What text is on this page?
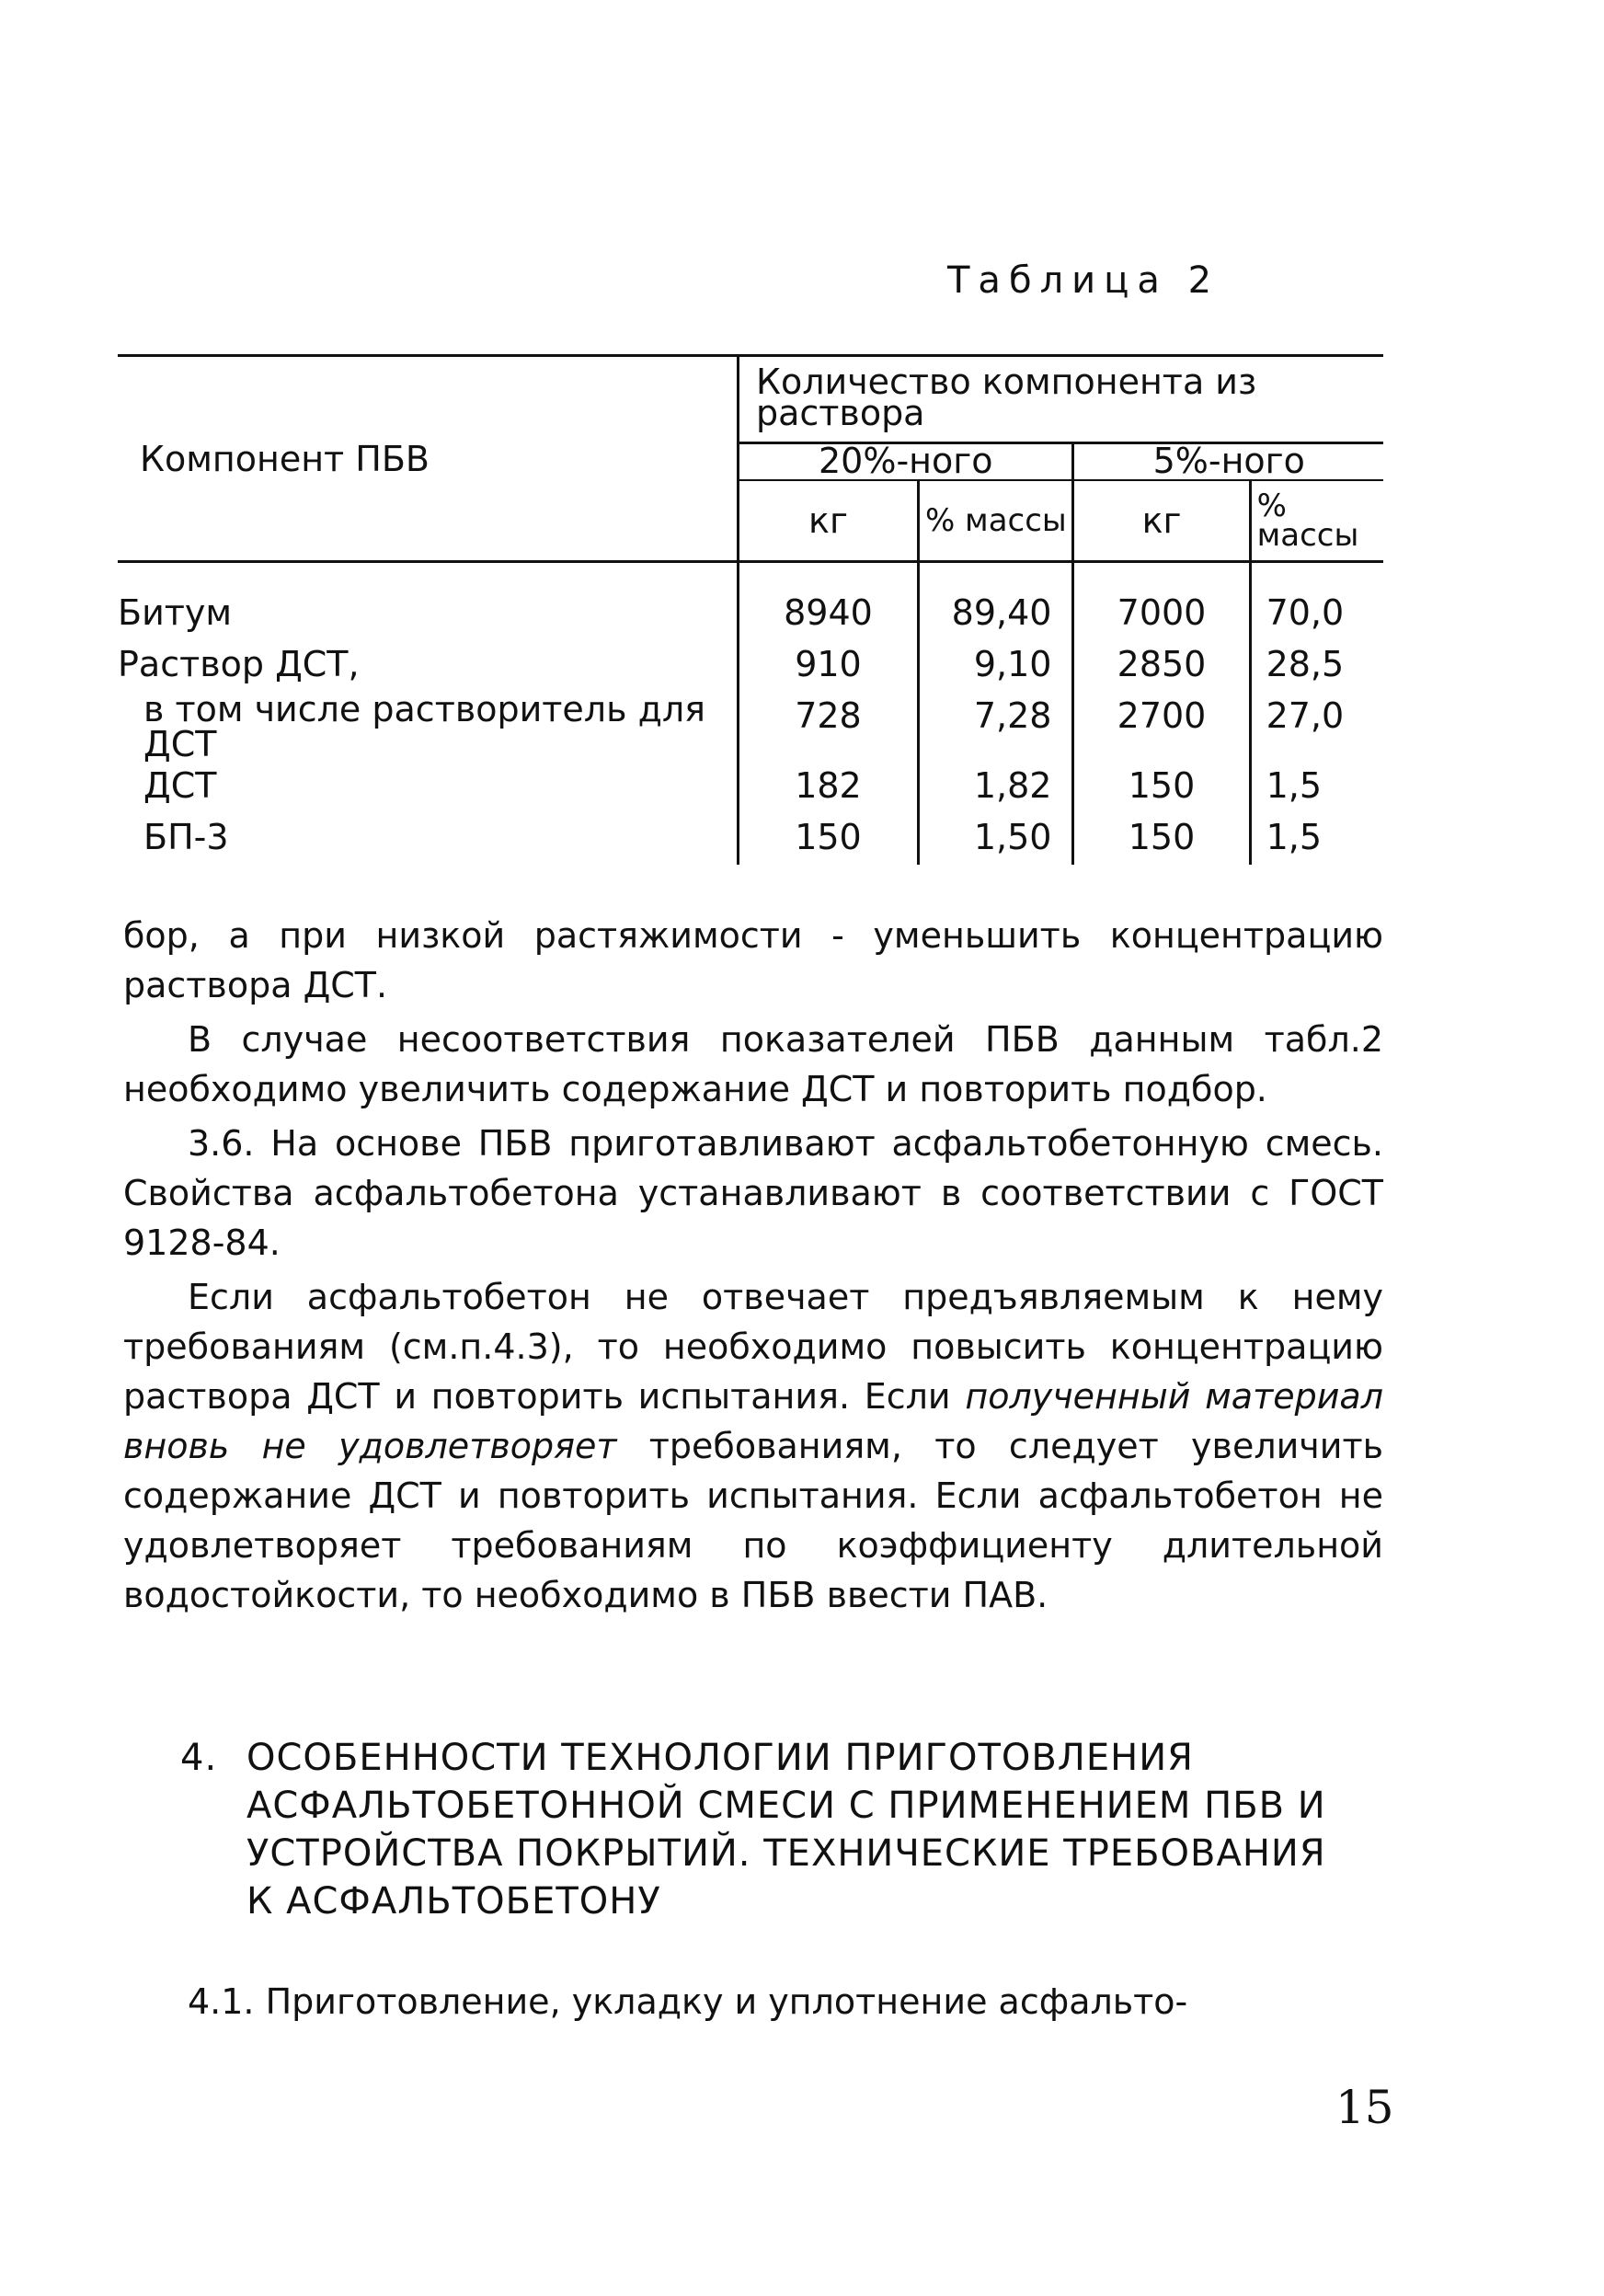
Таблица 2
Компонент ПБВ	Количество компонента из раствора			
	20%-ного		5%-ного	
	кг	% массы	кг	% массы
Битум	8940	89,40	7000	70,0
Раствор ДСТ,	910	9,10	2850	28,5
в том числе растворитель для ДСТ	728	7,28	2700	27,0
ДСТ	182	1,82	150	1,5
БП-3	150	1,50	150	1,5

бор, а при низкой растяжимости - уменьшить концентрацию раствора ДСТ.

В случае несоответствия показателей ПБВ данным табл.2 необходимо увеличить содержание ДСТ и повторить подбор.

3.6. На основе ПБВ приготавливают асфальтобетонную смесь. Свойства асфальтобетона устанавливают в соответствии с ГОСТ 9128-84.

Если асфальтобетон не отвечает предъявляемым к нему требованиям (см.п.4.3), то необходимо повысить концентрацию раствора ДСТ и повторить испытания. Если полученный материал вновь не удовлетворяет требованиям, то следует увеличить содержание ДСТ и повторить испытания. Если асфальтобетон не удовлетворяет требованиям по коэффициенту длительной водостойкости, то необходимо в ПБВ ввести ПАВ.

4. ОСОБЕННОСТИ ТЕХНОЛОГИИ ПРИГОТОВЛЕНИЯ АСФАЛЬТОБЕТОННОЙ СМЕСИ С ПРИМЕНЕНИЕМ ПБВ И УСТРОЙСТВА ПОКРЫТИЙ. ТЕХНИЧЕСКИЕ ТРЕБОВАНИЯ К АСФАЛЬТОБЕТОНУ
4.1. Приготовление, укладку и уплотнение асфальто-
15
